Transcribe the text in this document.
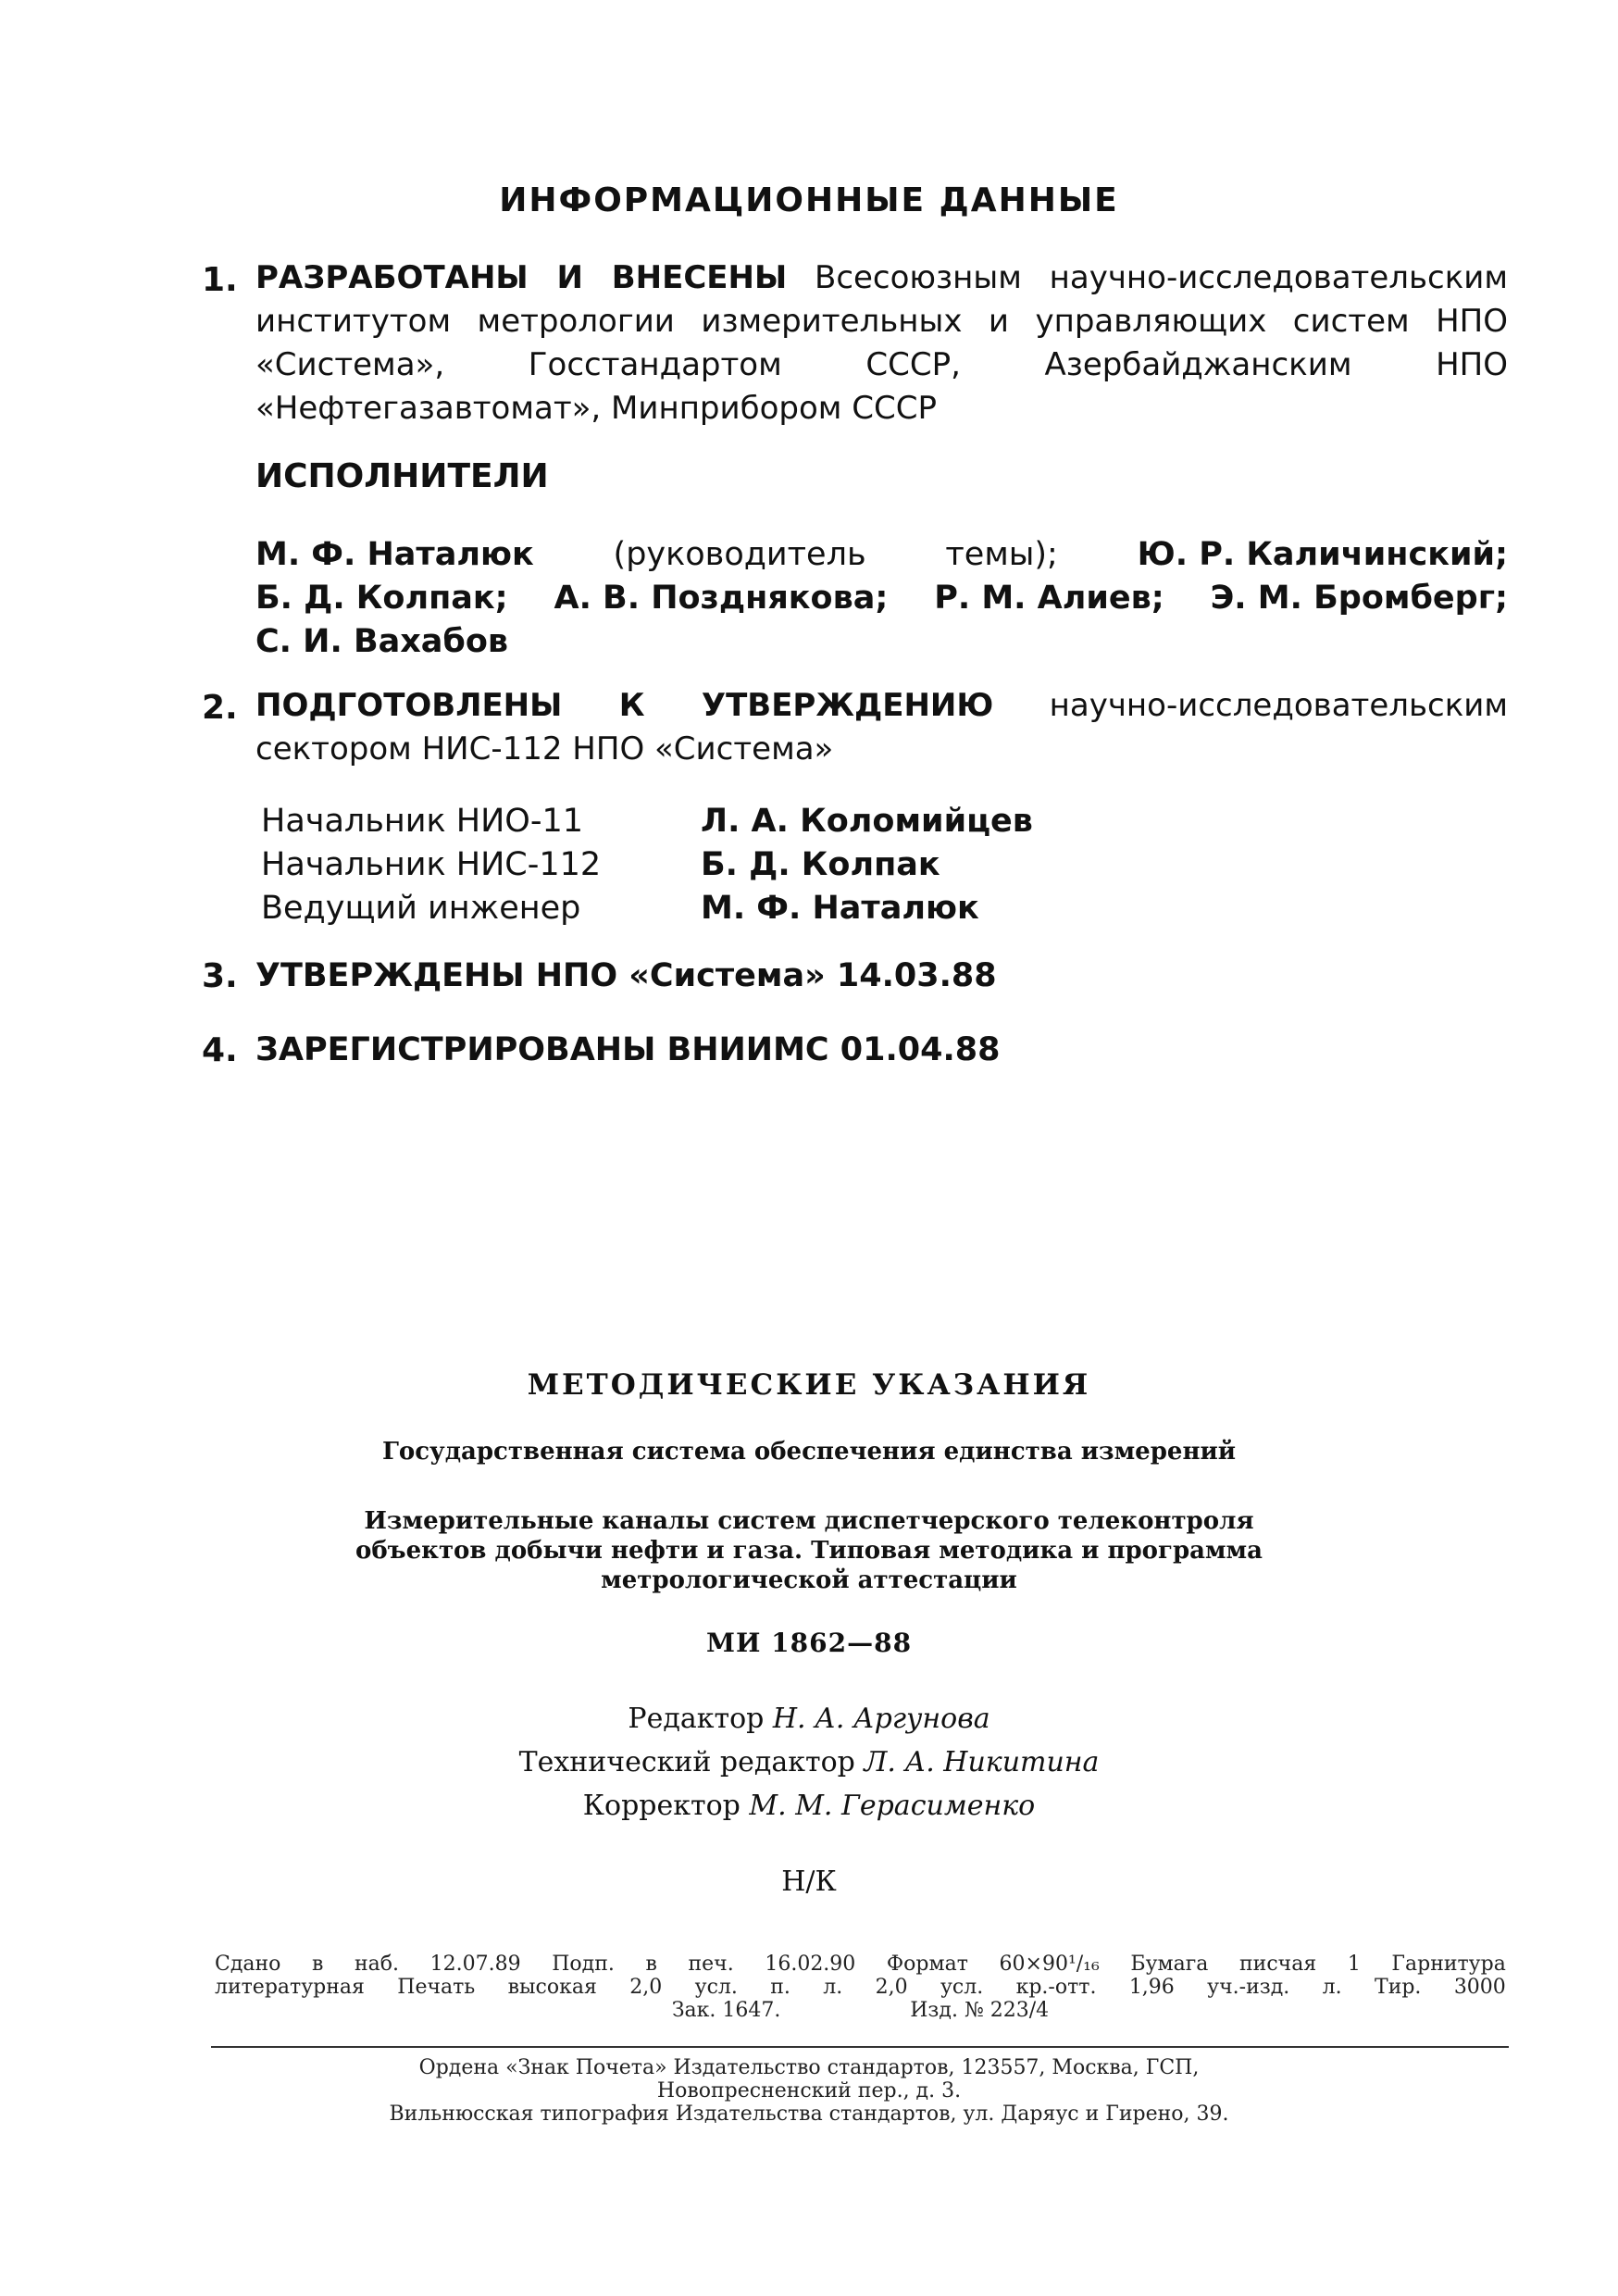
ИНФОРМАЦИОННЫЕ ДАННЫЕ
1. РАЗРАБОТАНЫ И ВНЕСЕНЫ Всесоюзным научно-исследовательским институтом метрологии измерительных и управляющих систем НПО «Система», Госстандартом СССР, Азербайджанским НПО «Нефтегазавтомат», Минприбором СССР

ИСПОЛНИТЕЛИ
М. Ф. Наталюк (руководитель темы); Ю. Р. Каличинский;
Б. Д. Колпак; А. В. Позднякова; Р. М. Алиев; Э. М. Бромберг;
С. И. Вахабов
2. ПОДГОТОВЛЕНЫ К УТВЕРЖДЕНИЮ научно-исследовательским сектором НИС-112 НПО «Система»

Начальник НИО-11	Л. А. Коломийцев
Начальник НИС-112	Б. Д. Колпак
Ведущий инженер	М. Ф. Наталюк
3. УТВЕРЖДЕНЫ НПО «Система» 14.03.88
4. ЗАРЕГИСТРИРОВАНЫ ВНИИМС 01.04.88
МЕТОДИЧЕСКИЕ УКАЗАНИЯ
Государственная система обеспечения единства измерений
Измерительные каналы систем диспетчерского телеконтроля
объектов добычи нефти и газа. Типовая методика и программа
метрологической аттестации
МИ 1862—88
Редактор Н. А. Аргунова
Технический редактор Л. А. Никитина
Корректор М. М. Герасименко
Н/К
Сдано в наб. 12.07.89 Подп. в печ. 16.02.90 Формат 60×90¹/₁₆ Бумага писчая 1 Гарнитура
литературная Печать высокая 2,0 усл. п. л. 2,0 усл. кр.-отт. 1,96 уч.-изд. л. Тир. 3000
Зак. 1647.                    Изд. № 223/4
Ордена «Знак Почета» Издательство стандартов, 123557, Москва, ГСП,
Новопресненский пер., д. 3.
Вильнюсская типография Издательства стандартов, ул. Даряус и Гирено, 39.
